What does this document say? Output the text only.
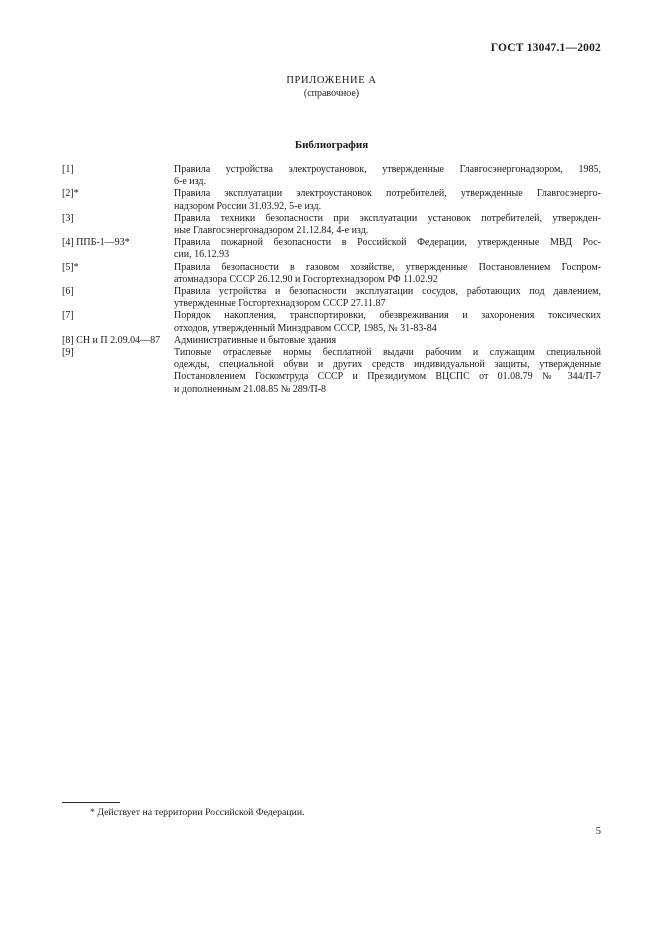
ГОСТ 13047.1—2002
ПРИЛОЖЕНИЕ А
(справочное)
Библиография
[1]	Правила устройства электроустановок, утвержденные Главгосэнергонадзором, 1985,
6-е изд.
[2]*	Правила эксплуатации электроустановок потребителей, утвержденные Главгосэнерго-
надзором России 31.03.92, 5-е изд.
[3]	Правила техники безопасности при эксплуатации установок потребителей, утвержден-
ные Главгосэнергонадзором 21.12.84, 4-е изд.
[4] ППБ-1—93*	Правила пожарной безопасности в Российской Федерации, утвержденные МВД Рос-
сии, 16.12.93
[5]*	Правила безопасности в газовом хозяйстве, утвержденные Постановлением Госпром-
атомнадзора СССР 26.12.90 и Госгортехнадзором РФ 11.02.92
[6]	Правила устройства и безопасности эксплуатации сосудов, работающих под давлением,
утвержденные Госгортехнадзором СССР 27.11.87
[7]	Порядок накопления, транспортировки, обезвреживания и захоронения токсических
отходов, утвержденный Минздравом СССР, 1985, № 31-83-84
[8] СН и П 2.09.04—87	Административные и бытовые здания
[9]	Типовые отраслевые нормы бесплатной выдачи рабочим и служащим специальной
одежды, специальной обуви и других средств индивидуальной защиты, утвержденные
Постановлением Госкомтруда СССР и Президиумом ВЦСПС от 01.08.79 № 344/П-7
и дополненным 21.08.85 № 289/П-8
* Действует на территории Российской Федерации.
5
